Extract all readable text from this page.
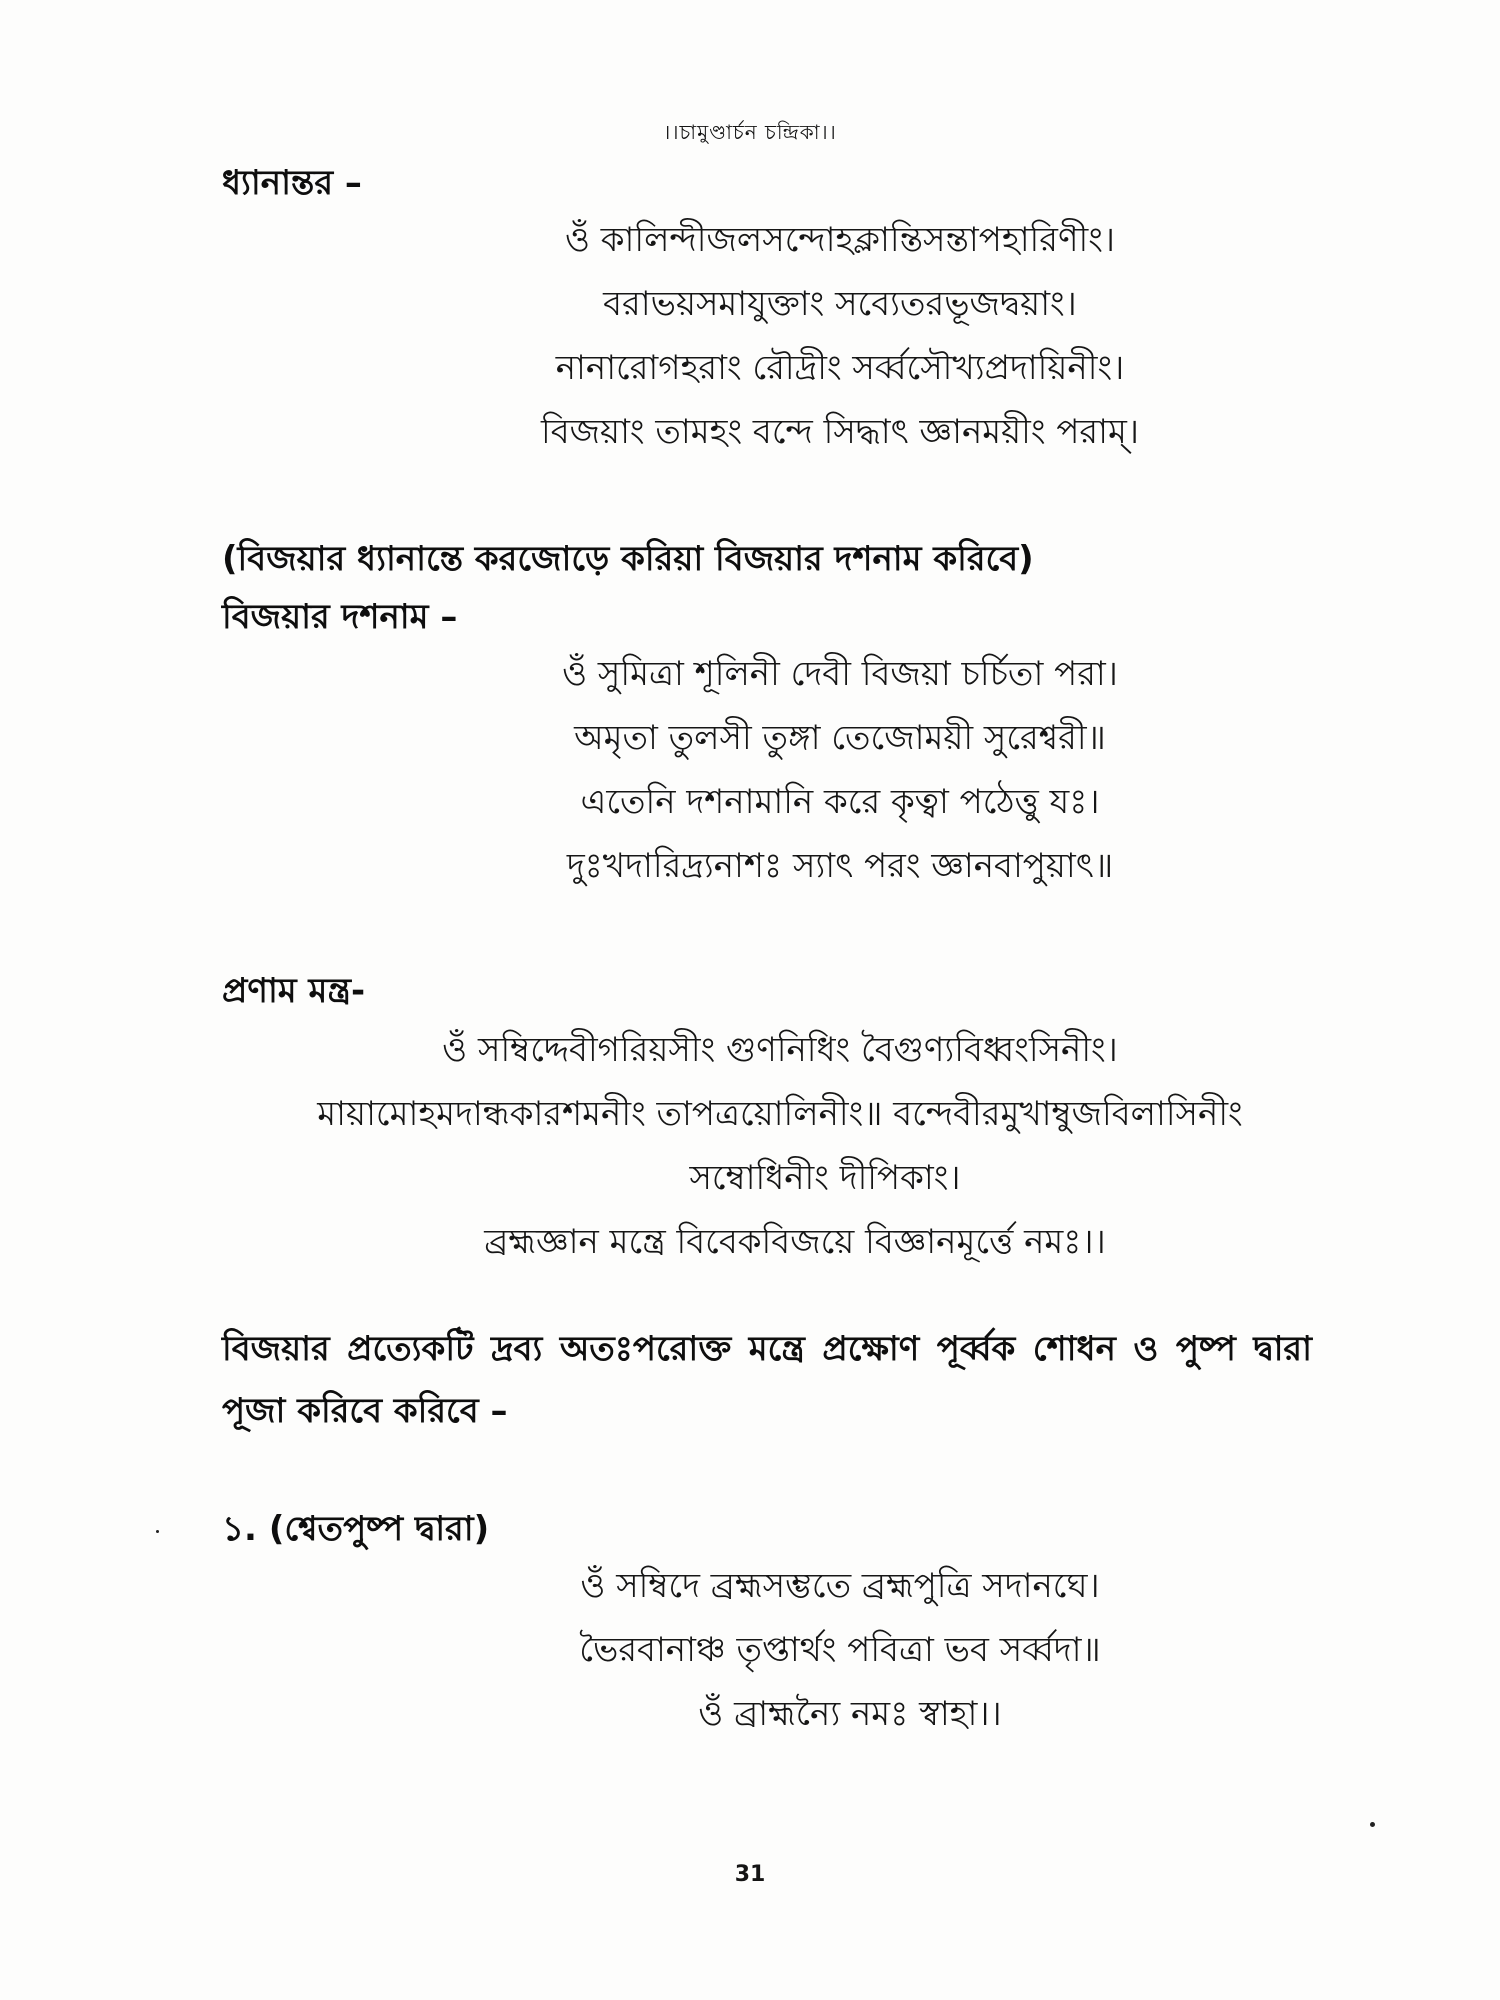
।।চামুণ্ডার্চন চন্দ্রিকা।।
ধ্যানান্তর –
ওঁ কালিন্দীজলসন্দোহক্লান্তিসন্তাপহারিণীং।
বরাভয়সমাযুক্তাং সব্যেতরভূজদ্বয়াং।
নানারোগহরাং রৌদ্রীং সর্ব্বসৌখ্যপ্রদায়িনীং।
বিজয়াং তামহং বন্দে সিদ্ধাৎ জ্ঞানময়ীং পরাম্।
(বিজয়ার ধ্যানান্তে করজোড়ে করিয়া বিজয়ার দশনাম করিবে)
বিজয়ার দশনাম –
ওঁ সুমিত্রা শূলিনী দেবী বিজয়া চর্চিতা পরা।
অমৃতা তুলসী তুঙ্গা তেজোময়ী সুরেশ্বরী॥
এতেনি দশনামানি করে কৃত্বা পঠেত্তু যঃ।
দুঃখদারিদ্র্যনাশঃ স্যাৎ পরং জ্ঞানবাপুয়াৎ॥
প্রণাম মন্ত্র-
ওঁ সম্বিদ্দেবীগরিয়সীং গুণনিধিং বৈগুণ্যবিধ্বংসিনীং।
মায়ামোহমদান্ধকারশমনীং তাপত্রয়োলিনীং॥ বন্দেবীরমুখাম্বুজবিলাসিনীং
সম্বোধিনীং দীপিকাং।
ব্রহ্মজ্ঞান মন্ত্রে বিবেকবিজয়ে বিজ্ঞানমূর্ত্তে নমঃ।।
বিজয়ার প্রত্যেকটি দ্রব্য অতঃপরোক্ত মন্ত্রে প্রক্ষোণ পূর্ব্বক শোধন ও পুষ্প দ্বারা পূজা করিবে করিবে –
১. (শ্বেতপুষ্প দ্বারা)
ওঁ সম্বিদে ব্রহ্মসম্ভতে ব্রহ্মপুত্রি সদানঘে।
ভৈরবানাঞ্চ তৃপ্তার্থং পবিত্রা ভব সর্ব্বদা॥
ওঁ ব্রাহ্মন্যৈ নমঃ স্বাহা।।
31
